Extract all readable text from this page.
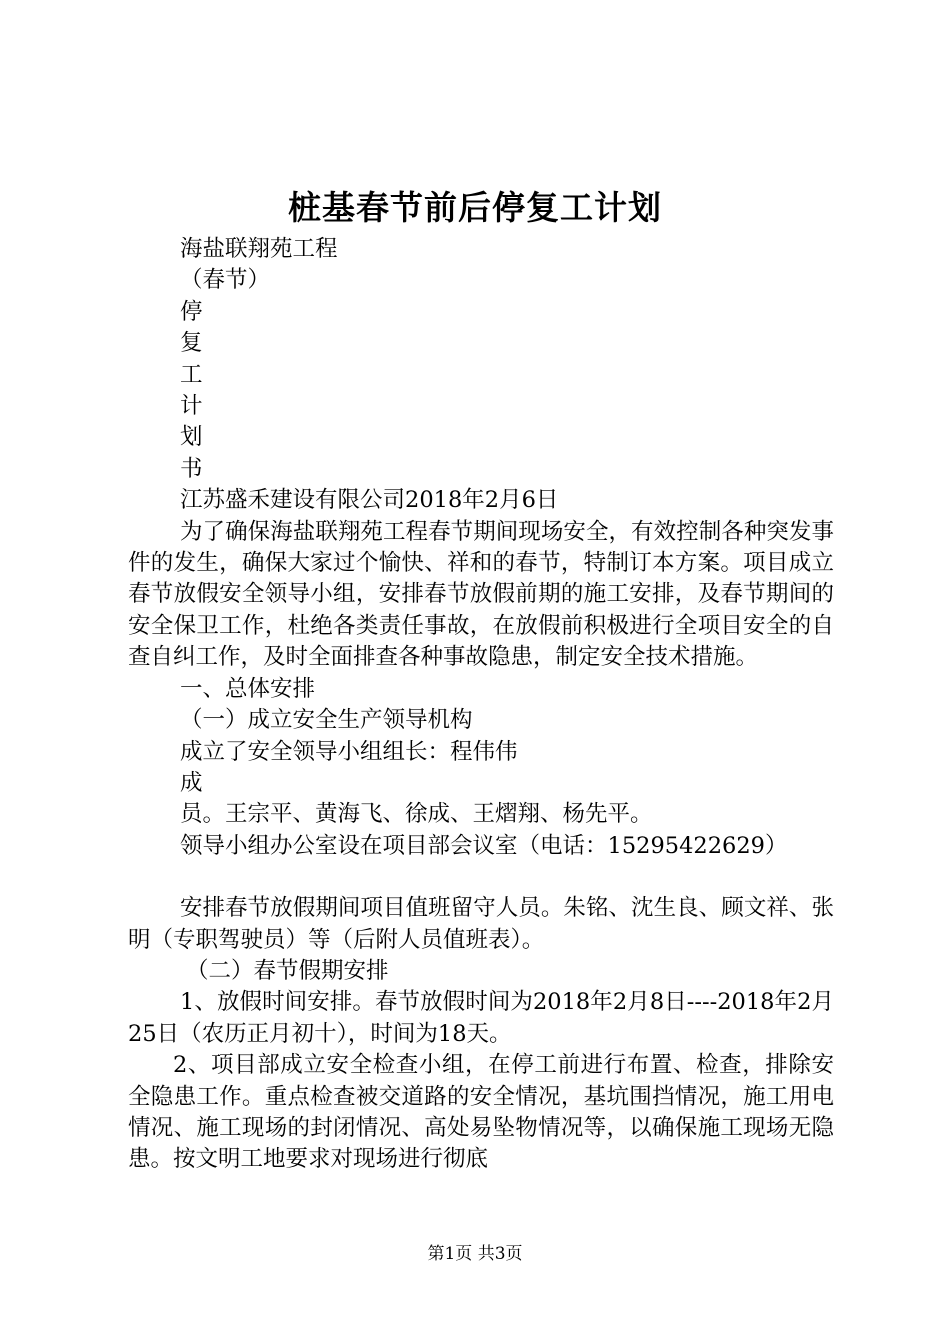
桩基春节前后停复工计划

海盐联翔苑工程

（春节）

停

复

工

计

划

书

江苏盛禾建设有限公司2018年2月6日

为了确保海盐联翔苑工程春节期间现场安全，有效控制各种突发事件的发生，确保大家过个愉快、祥和的春节，特制订本方案。项目成立春节放假安全领导小组，安排春节放假前期的施工安排，及春节期间的安全保卫工作，杜绝各类责任事故，在放假前积极进行全项目安全的自查自纠工作，及时全面排查各种事故隐患，制定安全技术措施。

一、总体安排

（一）成立安全生产领导机构

成立了安全领导小组组长：程伟伟

成

员。王宗平、黄海飞、徐成、王熠翔、杨先平。

领导小组办公室设在项目部会议室（电话：15295422629）

安排春节放假期间项目值班留守人员。朱铭、沈生良、顾文祥、张明（专职驾驶员）等（后附人员值班表）。

（二）春节假期安排

1、放假时间安排。春节放假时间为2018年2月8日----2018年2月25日（农历正月初十），时间为18天。

2、项目部成立安全检查小组，在停工前进行布置、检查，排除安全隐患工作。重点检查被交道路的安全情况，基坑围挡情况，施工用电情况、施工现场的封闭情况、高处易坠物情况等，以确保施工现场无隐患。按文明工地要求对现场进行彻底

第1页 共3页
